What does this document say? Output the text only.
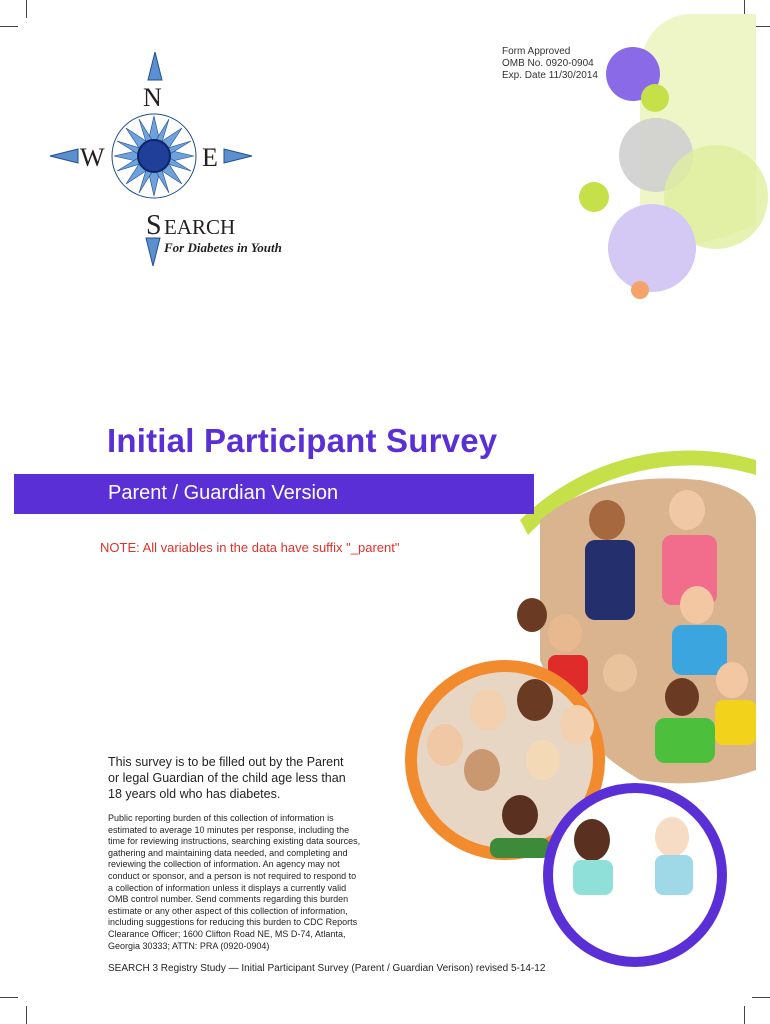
Form Approved
OMB No. 0920-0904
Exp. Date 11/30/2014
N
W	E
S EARCH
For Diabetes in Youth
Initial Participant Survey
Parent / Guardian Version
NOTE: All variables in the data have suffix "_parent"
This survey is to be filled out by the Parent
or legal Guardian of the child age less than
18 years old who has diabetes.
Public reporting burden of this collection of information is
estimated to average 10 minutes per response, including the
time for reviewing instructions, searching existing data sources,
gathering and maintaining data needed, and completing and
reviewing the collection of information. An agency may not
conduct or sponsor, and a person is not required to respond to
a collection of information unless it displays a currently valid
OMB control number. Send comments regarding this burden
estimate or any other aspect of this collection of information,
including suggestions for reducing this burden to CDC Reports
Clearance Officer; 1600 Clifton Road NE, MS D-74, Atlanta,
Georgia 30333; ATTN: PRA (0920-0904)
SEARCH 3 Registry Study — Initial Participant Survey (Parent / Guardian Verison) revised 5-14-12
